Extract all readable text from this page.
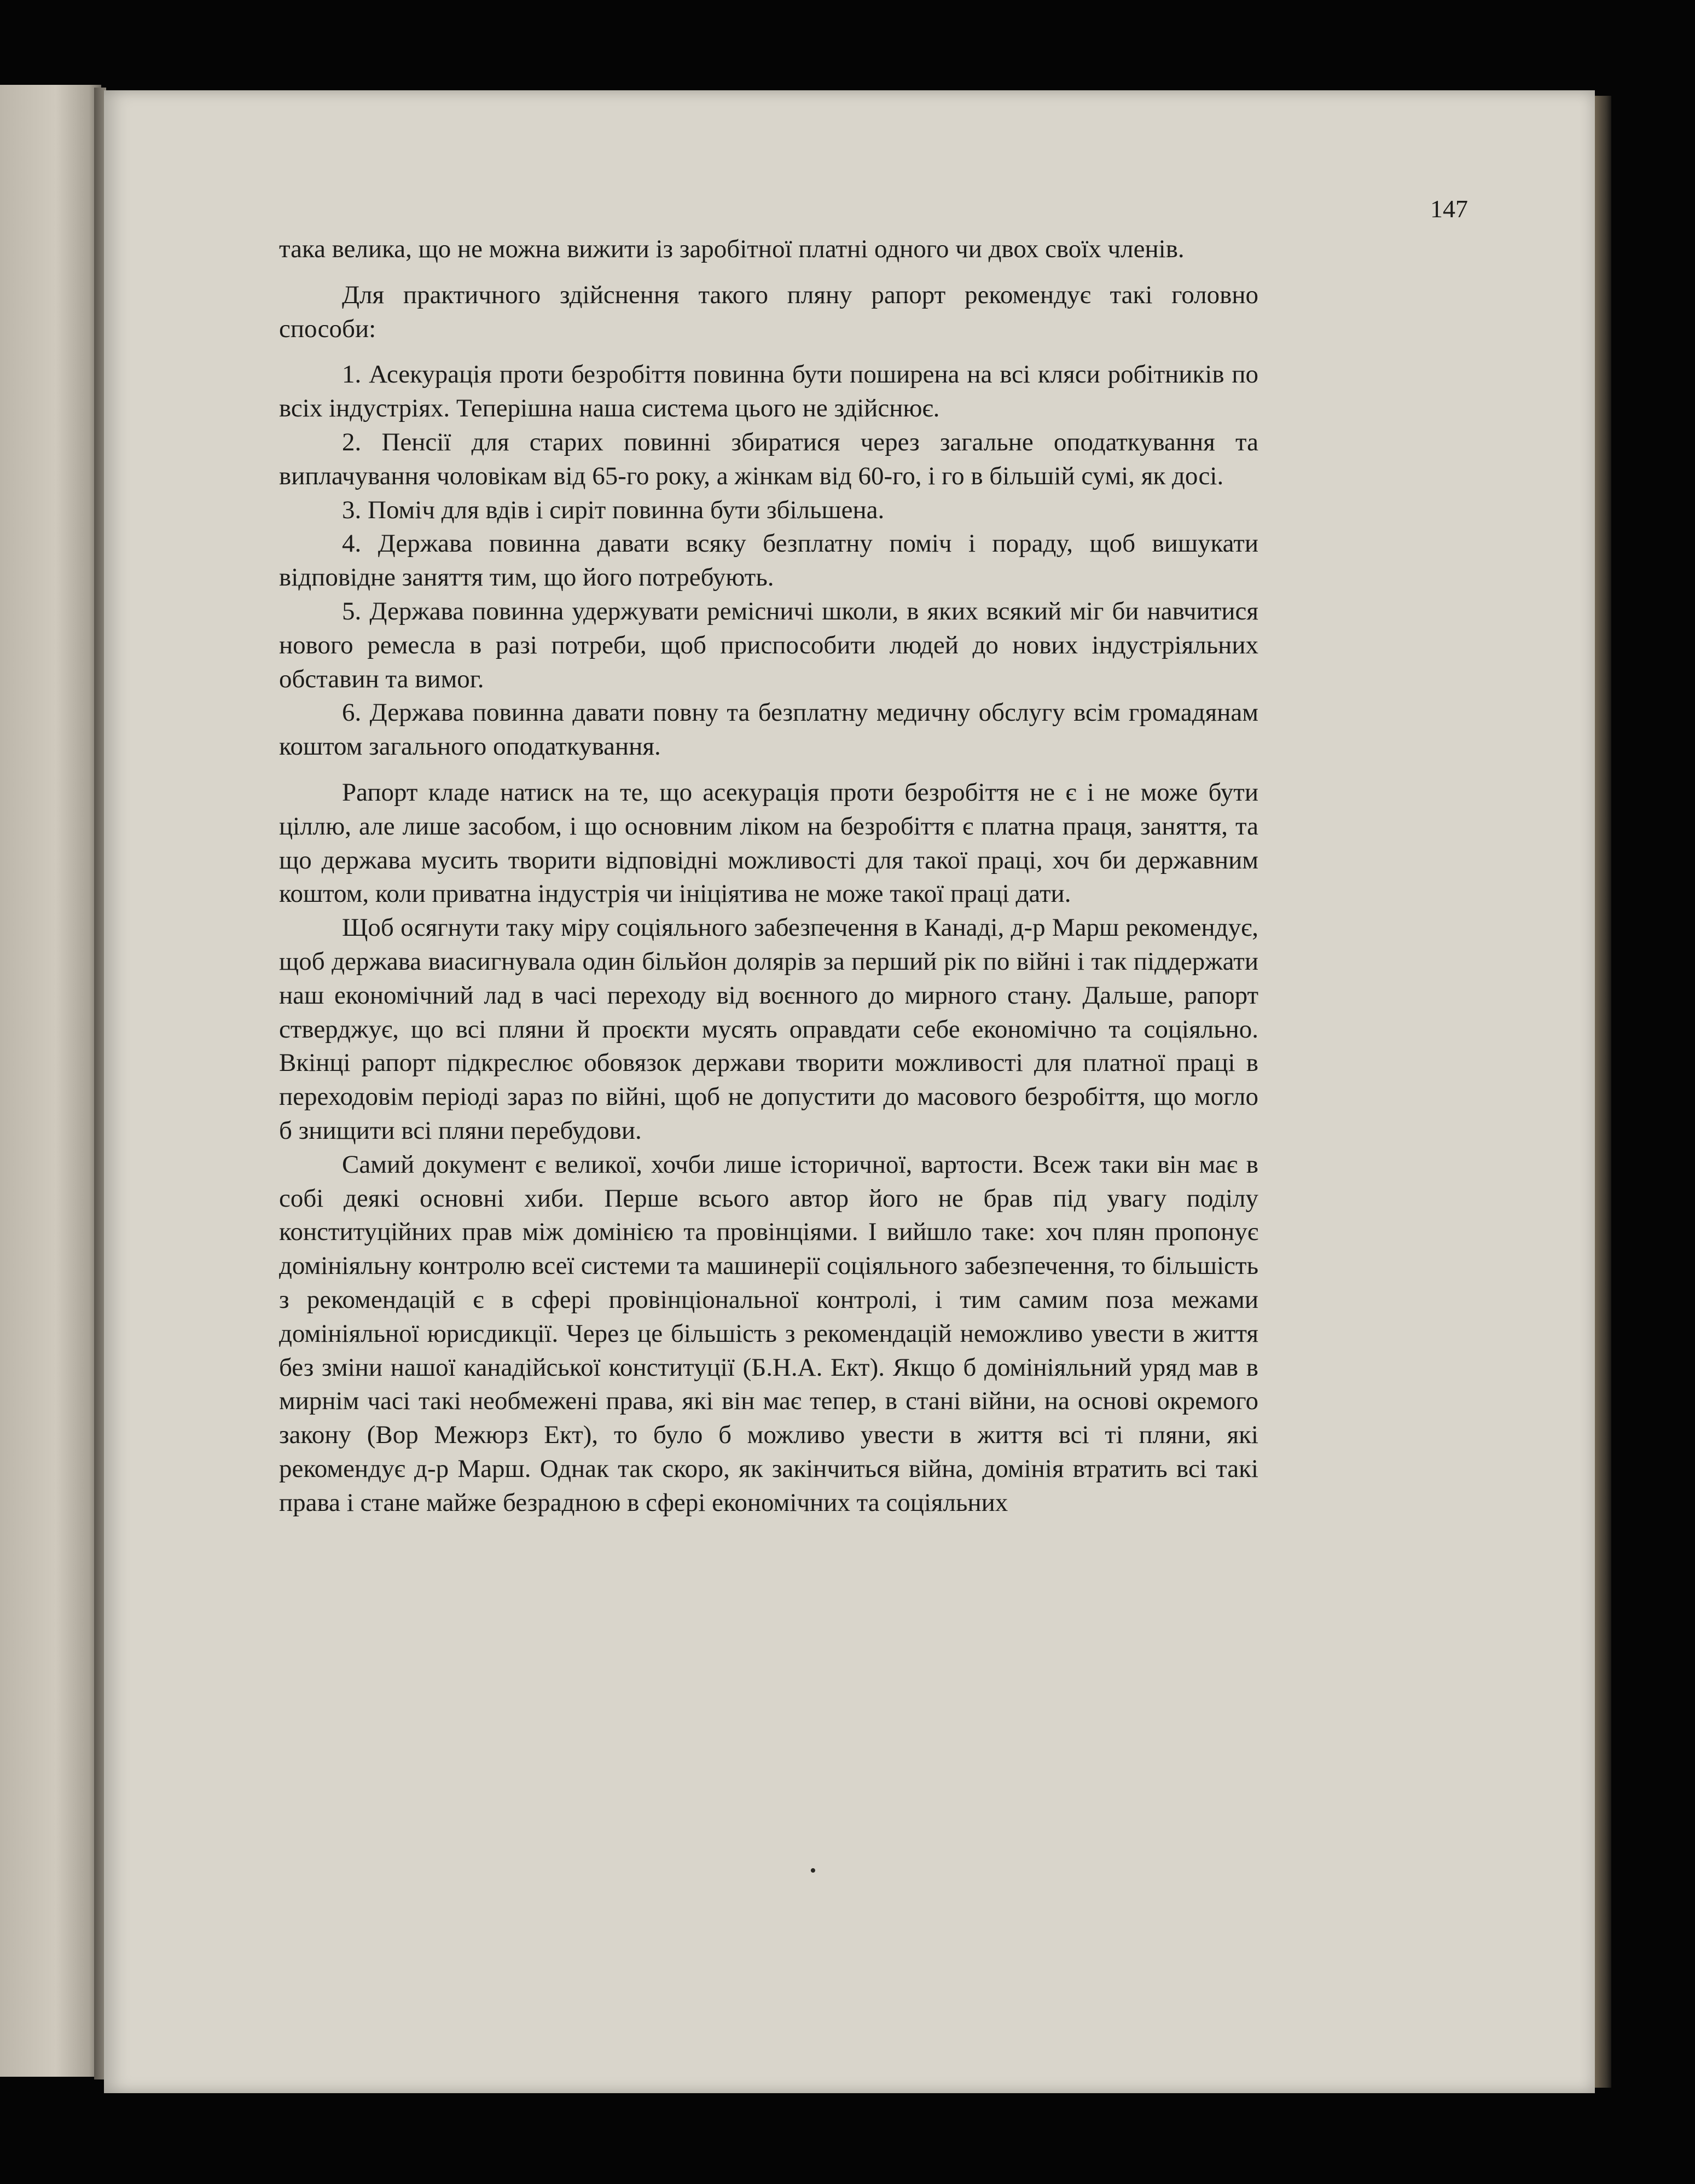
147

така велика, що не можна вижити із заробітної платні одного чи двох своїх членів.

Для практичного здійснення такого пляну рапорт рекомендує такі головно способи:

1. Асекурація проти безробіття повинна бути поширена на всі кляси робітників по всіх індустріях. Теперішна наша система цього не здійснює.

2. Пенсії для старих повинні збиратися через загальне оподаткування та виплачування чоловікам від 65-го року, а жінкам від 60-го, і го в більшій сумі, як досі.

3. Поміч для вдів і сиріт повинна бути збільшена.

4. Держава повинна давати всяку безплатну поміч і пораду, щоб вишукати відповідне заняття тим, що його потребують.

5. Держава повинна удержувати ремісничі школи, в яких всякий міг би навчитися нового ремесла в разі потреби, щоб приспособити людей до нових індустріяльних обставин та вимог.

6. Держава повинна давати повну та безплатну медичну обслугу всім громадянам коштом загального оподаткування.

Рапорт кладе натиск на те, що асекурація проти безробіття не є і не може бути ціллю, але лише засобом, і що основним ліком на безробіття є платна праця, заняття, та що держава мусить творити відповідні можливості для такої праці, хоч би державним коштом, коли приватна індустрія чи ініціятива не може такої праці дати.

Щоб осягнути таку міру соціяльного забезпечення в Канаді, д-р Марш рекомендує, щоб держава виасигнувала один більйон долярів за перший рік по війні і так піддержати наш економічний лад в часі переходу від воєнного до мирного стану. Дальше, рапорт стверджує, що всі пляни й проєкти мусять оправдати себе економічно та соціяльно. Вкінці рапорт підкреслює обовязок держави творити можливості для платної праці в переходовім періоді зараз по війні, щоб не допустити до масового безробіття, що могло б знищити всі пляни перебудови.

Самий документ є великої, хочби лише історичної, вартости. Всеж таки він має в собі деякі основні хиби. Перше всього автор його не брав під увагу поділу конституційних прав між домінією та провінціями. І вийшло таке: хоч плян пропонує домініяльну контролю всеї системи та машинерії соціяльного забезпечення, то більшість з рекомендацій є в сфері провінціональної контролі, і тим самим поза межами домініяльної юрисдикції. Через це більшість з рекомендацій неможливо увести в життя без зміни нашої канадійської конституції (Б.Н.А. Ект). Якщо б домініяльний уряд мав в мирнім часі такі необмежені права, які він має тепер, в стані війни, на основі окремого закону (Вор Межюрз Ект), то було б можливо увести в життя всі ті пляни, які рекомендує д-р Марш. Однак так скоро, як закінчиться війна, домінія втратить всі такі права і стане майже безрадною в сфері економічних та соціяльних

•
